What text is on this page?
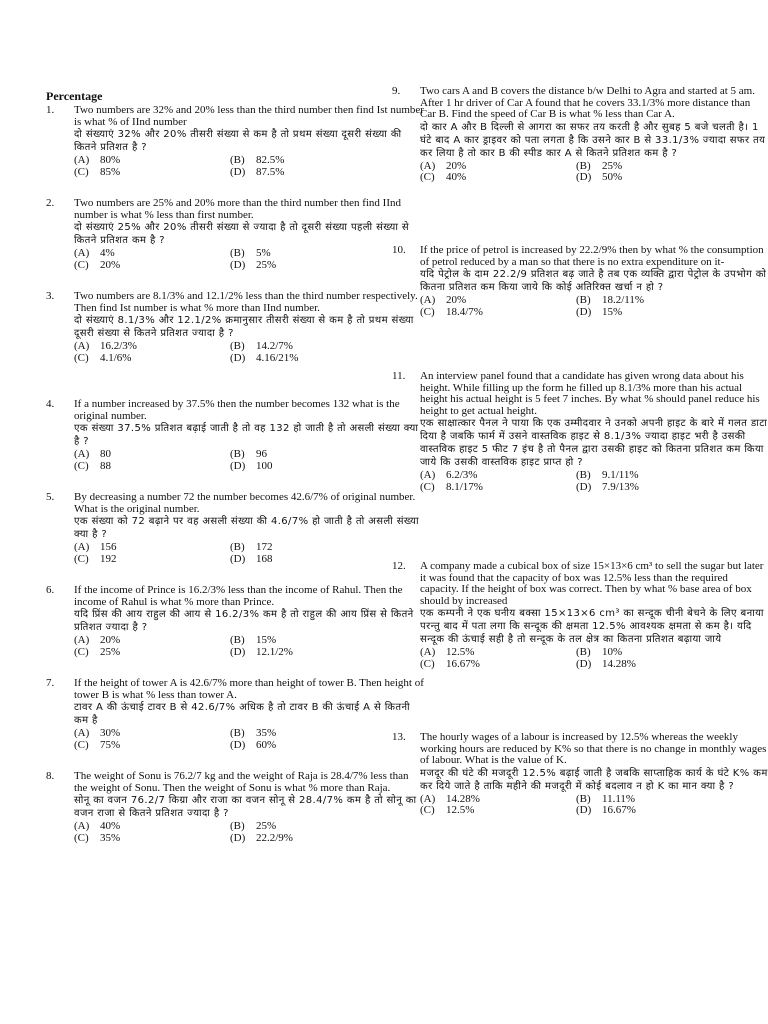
Percentage
1. Two numbers are 32% and 20% less than the third number then find Ist number is what % of IInd number
दो संख्याएं 32% और 20% तीसरी संख्या से कम है तो प्रथम संख्या दूसरी संख्या की कितने प्रतिशत है ?
(A) 80%	(B) 82.5%
(C) 85%	(D) 87.5%
2. Two numbers are 25% and 20% more than the third number then find IInd number is what % less than first number.
दो संख्याएं 25% और 20% तीसरी संख्या से ज्यादा है तो दूसरी संख्या पहली संख्या से कितने प्रतिशत कम है ?
(A) 4%	(B) 5%
(C) 20%	(D) 25%
3. Two numbers are 8.1/3% and 12.1/2% less than the third number respectively. Then find Ist number is what % more than IInd number.
दो संख्याएं 8.1/3% और 12.1/2% क्रमानुसार तीसरी संख्या से कम है तो प्रथम संख्या दूसरी संख्या से कितने प्रतिशत ज्यादा है ?
(A) 16.2/3%	(B) 14.2/7%
(C) 4.1/6%	(D) 4.16/21%
4. If a number increased by 37.5% then the number becomes 132 what is the original number.
एक संख्या 37.5% प्रतिशत बढ़ाई जाती है तो वह 132 हो जाती है तो असली संख्या क्या है ?
(A) 80	(B) 96
(C) 88	(D) 100
5. By decreasing a number 72 the number becomes 42.6/7% of original number. What is the original number.
एक संख्या को 72 बढ़ाने पर वह असली संख्या की 4.6/7% हो जाती है तो असली संख्या क्या है ?
(A) 156	(B) 172
(C) 192	(D) 168
6. If the income of Prince is 16.2/3% less than the income of Rahul. Then the income of Rahul is what % more than Prince.
यदि प्रिंस की आय राहुल की आय से 16.2/3% कम है तो राहुल की आय प्रिंस से कितने प्रतिशत ज्यादा है ?
(A) 20%	(B) 15%
(C) 25%	(D) 12.1/2%
7. If the height of tower A is 42.6/7% more than height of tower B. Then height of tower B is what % less than tower A.
टावर A की ऊंचाई टावर B से 42.6/7% अधिक है तो टावर B की ऊंचाई A से कितनी कम है
(A) 30%	(B) 35%
(C) 75%	(D) 60%
8. The weight of Sonu is 76.2/7 kg and the weight of Raja is 28.4/7% less than the weight of Sonu. Then the weight of Sonu is what % more than Raja.
सोनू का वजन 76.2/7 किग्रा और राजा का वजन सोनू से 28.4/7% कम है तो सोनू का वजन राजा से कितने प्रतिशत ज्यादा है ?
(A) 40%	(B) 25%
(C) 35%	(D) 22.2/9%
9. Two cars A and B covers the distance b/w Delhi to Agra and started at 5 am. After 1 hr driver of Car A found that he covers 33.1/3% more distance than Car B. Find the speed of Car B is what % less than Car A.
दो कार A और B दिल्ली से आगरा का सफर तय करती है और सुबह 5 बजे चलती है। 1 घंटे बाद A कार ड्राइवर को पता लगता है कि उसने कार B से 33.1/3% ज्यादा सफर तय कर लिया है तो कार B की स्पीड कार A से कितने प्रतिशत कम है ?
(A) 20%	(B) 25%
(C) 40%	(D) 50%
10. If the price of petrol is increased by 22.2/9% then by what % the consumption of petrol reduced by a man so that there is no extra expenditure on it-
यदि पेट्रोल के दाम 22.2/9 प्रतिशत बढ़ जाते है तब एक व्यक्ति द्वारा पेट्रोल के उपभोग को कितना प्रतिशत कम किया जाये कि कोई अतिरिक्त खर्चा न हो ?
(A) 20%	(B) 18.2/11%
(C) 18.4/7%	(D) 15%
11. An interview panel found that a candidate has given wrong data about his height. While filling up the form he filled up 8.1/3% more than his actual height his actual height is 5 feet 7 inches. By what % should panel reduce his height to get actual height.
एक साक्षात्कार पैनल ने पाया कि एक उम्मीदवार ने उनको अपनी हाइट के बारे में गलत डाटा दिया है जबकि फार्म में उसने वास्तविक हाइट से 8.1/3% ज्यादा हाइट भरी है उसकी वास्तविक हाइट 5 फीट 7 इंच है तो पैनल द्वारा उसकी हाइट को कितना प्रतिशत कम किया जाये कि उसकी वास्तविक हाइट प्राप्त हो ?
(A) 6.2/3%	(B) 9.1/11%
(C) 8.1/17%	(D) 7.9/13%
12. A company made a cubical box of size 15×13×6 cm³ to sell the sugar but later it was found that the capacity of box was 12.5% less than the required capacity. If the height of box was correct. Then by what % base area of box should by increased
एक कम्पनी ने एक घनीय बक्सा 15×13×6 cm³ का सन्दूक चीनी बेचने के लिए बनाया परन्तु बाद में पता लगा कि सन्दूक की क्षमता 12.5% आवश्यक क्षमता से कम है। यदि सन्दूक की ऊंचाई सही है तो सन्दूक के तल क्षेत्र का कितना प्रतिशत बढ़ाया जाये
(A) 12.5%	(B) 10%
(C) 16.67%	(D) 14.28%
13. The hourly wages of a labour is increased by 12.5% whereas the weekly working hours are reduced by K% so that there is no change in monthly wages of labour. What is the value of K.
मजदूर की घंटे की मजदूरी 12.5% बढ़ाई जाती है जबकि साप्ताहिक कार्य के घंटे K% कम कर दिये जाते है ताकि महीने की मजदूरी में कोई बदलाव न हो K का मान क्या है ?
(A) 14.28%	(B) 11.11%
(C) 12.5%	(D) 16.67%
